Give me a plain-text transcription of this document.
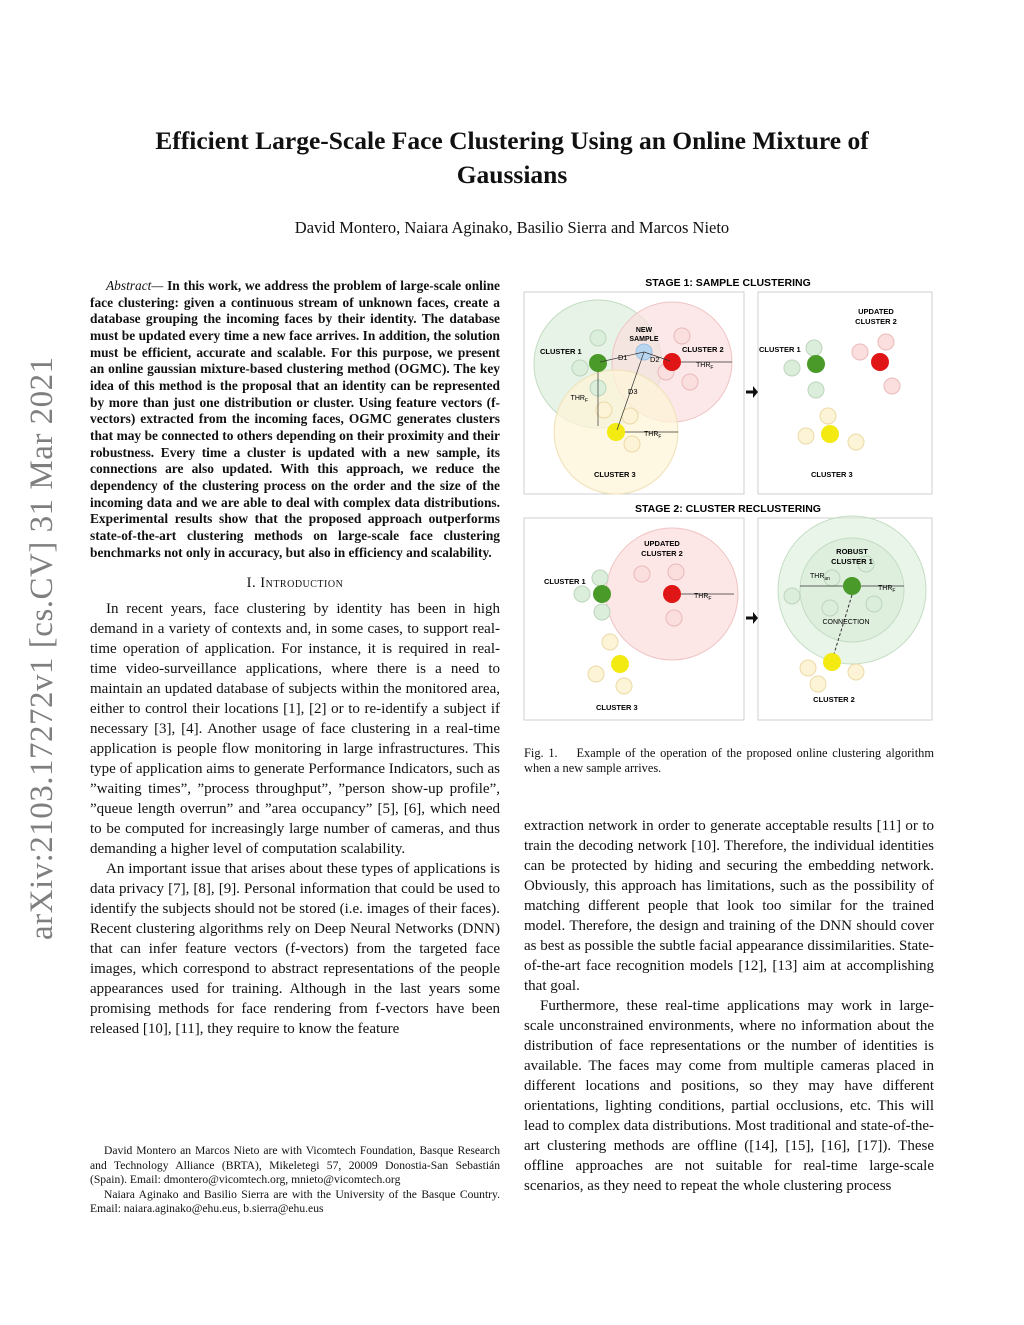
arXiv:2103.17272v1 [cs.CV] 31 Mar 2021
Efficient Large-Scale Face Clustering Using an Online Mixture of Gaussians
David Montero, Naiara Aginako, Basilio Sierra and Marcos Nieto

Abstract— In this work, we address the problem of large-scale online face clustering: given a continuous stream of unknown faces, create a database grouping the incoming faces by their identity. The database must be updated every time a new face arrives. In addition, the solution must be efficient, accurate and scalable. For this purpose, we present an online gaussian mixture-based clustering method (OGMC). The key idea of this method is the proposal that an identity can be represented by more than just one distribution or cluster. Using feature vectors (f-vectors) extracted from the incoming faces, OGMC generates clusters that may be connected to others depending on their proximity and their robustness. Every time a cluster is updated with a new sample, its connections are also updated. With this approach, we reduce the dependency of the clustering process on the order and the size of the incoming data and we are able to deal with complex data distributions. Experimental results show that the proposed approach outperforms state-of-the-art clustering methods on large-scale face clustering benchmarks not only in accuracy, but also in efficiency and scalability.

I. Introduction

In recent years, face clustering by identity has been in high demand in a variety of contexts and, in some cases, to support real-time operation of application. For instance, it is required in real-time video-surveillance applications, where there is a need to maintain an updated database of subjects within the monitored area, either to control their locations [1], [2] or to re-identify a subject if necessary [3], [4]. Another usage of face clustering in a real-time application is people flow monitoring in large infrastructures. This type of application aims to generate Performance Indicators, such as ”waiting times”, ”process throughput”, ”person show-up profile”, ”queue length overrun” and ”area occupancy” [5], [6], which need to be computed for increasingly large number of cameras, and thus demanding a higher level of computation scalability.

An important issue that arises about these types of applications is data privacy [7], [8], [9]. Personal information that could be used to identify the subjects should not be stored (i.e. images of their faces). Recent clustering algorithms rely on Deep Neural Networks (DNN) that can infer feature vectors (f-vectors) from the targeted face images, which correspond to abstract representations of the people appearances used for training. Although in the last years some promising methods for face rendering from f-vectors have been released [10], [11], they require to know the feature

David Montero an Marcos Nieto are with Vicomtech Foundation, Basque Research and Technology Alliance (BRTA), Mikeletegi 57, 20009 Donostia-San Sebastián (Spain). Email: dmontero@vicomtech.org, mnieto@vicomtech.org

Naiara Aginako and Basilio Sierra are with the University of the Basque Country. Email: naiara.aginako@ehu.eus, b.sierra@ehu.eus

STAGE 1: SAMPLE CLUSTERING
STAGE 2: CLUSTER RECLUSTERING
CLUSTER 1	CLUSTER 2
CLUSTER 3
NEW
SAMPLE
D1	D2
D3
$THR_F$
$THR_F$
$THR_F$
CLUSTER 1
UPDATED
CLUSTER 2
CLUSTER 3
CLUSTER 1
UPDATED
CLUSTER 2
$THR_F$
CLUSTER 3
ROBUST
CLUSTER 1
$THR_{an}$
$THR_F$
CONNECTION
CLUSTER 2
Fig. 1.    Example of the operation of the proposed online clustering algorithm when a new sample arrives.

extraction network in order to generate acceptable results [11] or to train the decoding network [10]. Therefore, the individual identities can be protected by hiding and securing the embedding network. Obviously, this approach has limitations, such as the possibility of matching different people that look too similar for the trained model. Therefore, the design and training of the DNN should cover as best as possible the subtle facial appearance dissimilarities. State-of-the-art face recognition models [12], [13] aim at accomplishing that goal.

Furthermore, these real-time applications may work in large-scale unconstrained environments, where no information about the distribution of face representations or the number of identities is available. The faces may come from multiple cameras placed in different locations and positions, so they may have different orientations, lighting conditions, partial occlusions, etc. This will lead to complex data distributions. Most traditional and state-of-the-art clustering methods are offline ([14], [15], [16], [17]). These offline approaches are not suitable for real-time large-scale scenarios, as they need to repeat the whole clustering process
